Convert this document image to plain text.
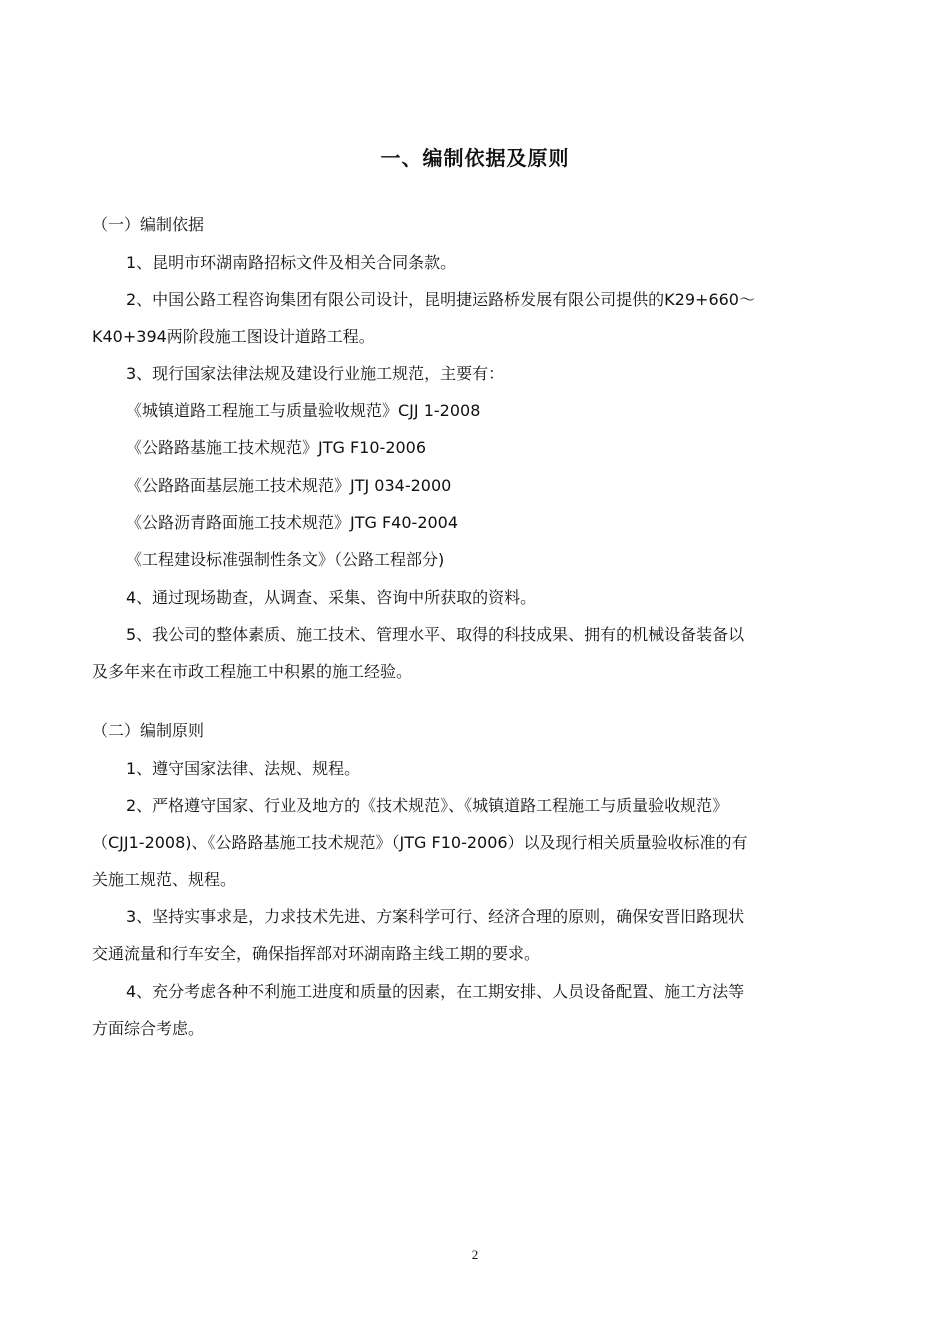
一、编制依据及原则

（一）编制依据

1、昆明市环湖南路招标文件及相关合同条款。

2、中国公路工程咨询集团有限公司设计，昆明捷运路桥发展有限公司提供的K29+660～

K40+394两阶段施工图设计道路工程。

3、现行国家法律法规及建设行业施工规范，主要有：

《城镇道路工程施工与质量验收规范》CJJ 1-2008

《公路路基施工技术规范》JTG F10-2006

《公路路面基层施工技术规范》JTJ 034-2000

《公路沥青路面施工技术规范》JTG F40-2004

《工程建设标准强制性条文》（公路工程部分)

4、通过现场勘查，从调查、采集、咨询中所获取的资料。

5、我公司的整体素质、施工技术、管理水平、取得的科技成果、拥有的机械设备装备以

及多年来在市政工程施工中积累的施工经验。

（二）编制原则

1、遵守国家法律、法规、规程。

2、严格遵守国家、行业及地方的《技术规范》、《城镇道路工程施工与质量验收规范》

（CJJ1-2008)、《公路路基施工技术规范》（JTG F10-2006）以及现行相关质量验收标准的有

关施工规范、规程。

3、坚持实事求是，力求技术先进、方案科学可行、经济合理的原则，确保安晋旧路现状

交通流量和行车安全，确保指挥部对环湖南路主线工期的要求。

4、充分考虑各种不利施工进度和质量的因素，在工期安排、人员设备配置、施工方法等

方面综合考虑。

2
